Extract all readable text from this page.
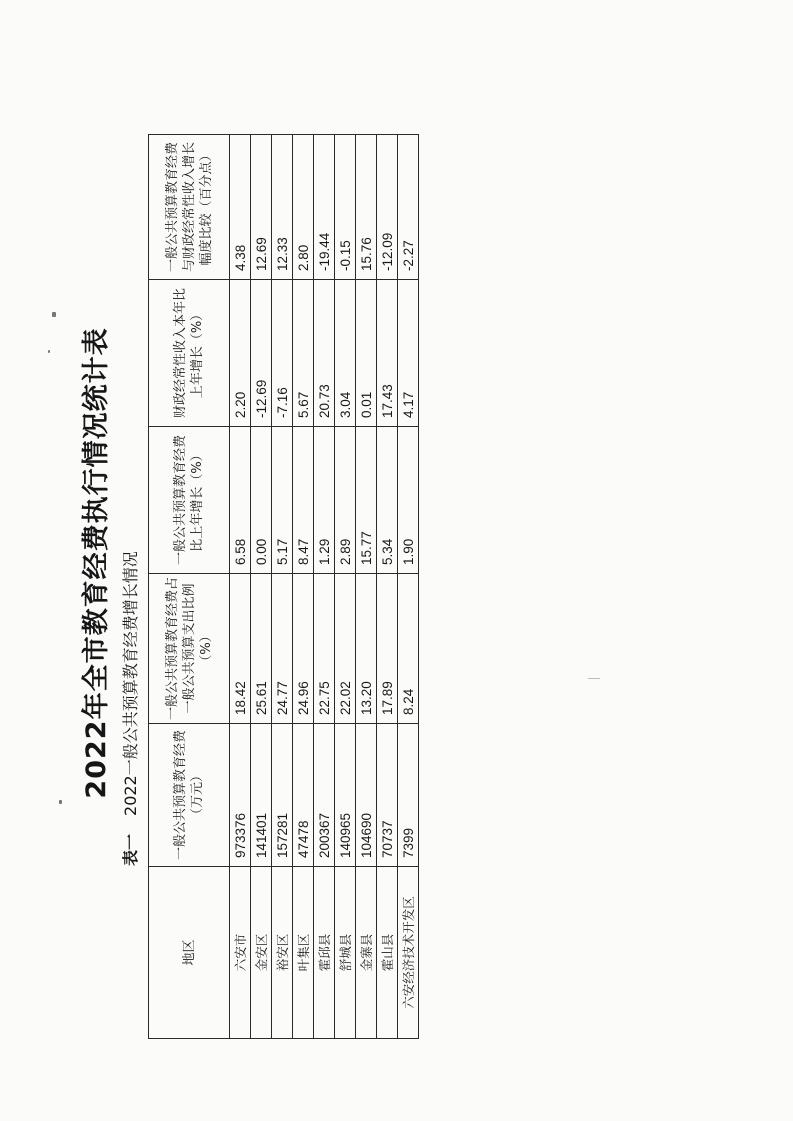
2022年全市教育经费执行情况统计表
表一2022一般公共预算教育经费增长情况
地区	一般公共预算教育经费（万元）	一般公共预算教育经费占一般公共预算支出比例（%）	一般公共预算教育经费比上年增长（%）	财政经常性收入本年比上年增长（%）	一般公共预算教育经费与财政经常性收入增长幅度比较（百分点）
六安市	973376	18.42	6.58	2.20	4.38
金安区	141401	25.61	0.00	-12.69	12.69
裕安区	157281	24.77	5.17	-7.16	12.33
叶集区	47478	24.96	8.47	5.67	2.80
霍邱县	200367	22.75	1.29	20.73	-19.44
舒城县	140965	22.02	2.89	3.04	-0.15
金寨县	104690	13.20	15.77	0.01	15.76
霍山县	70737	17.89	5.34	17.43	-12.09
六安经济技术开发区	7399	8.24	1.90	4.17	-2.27
